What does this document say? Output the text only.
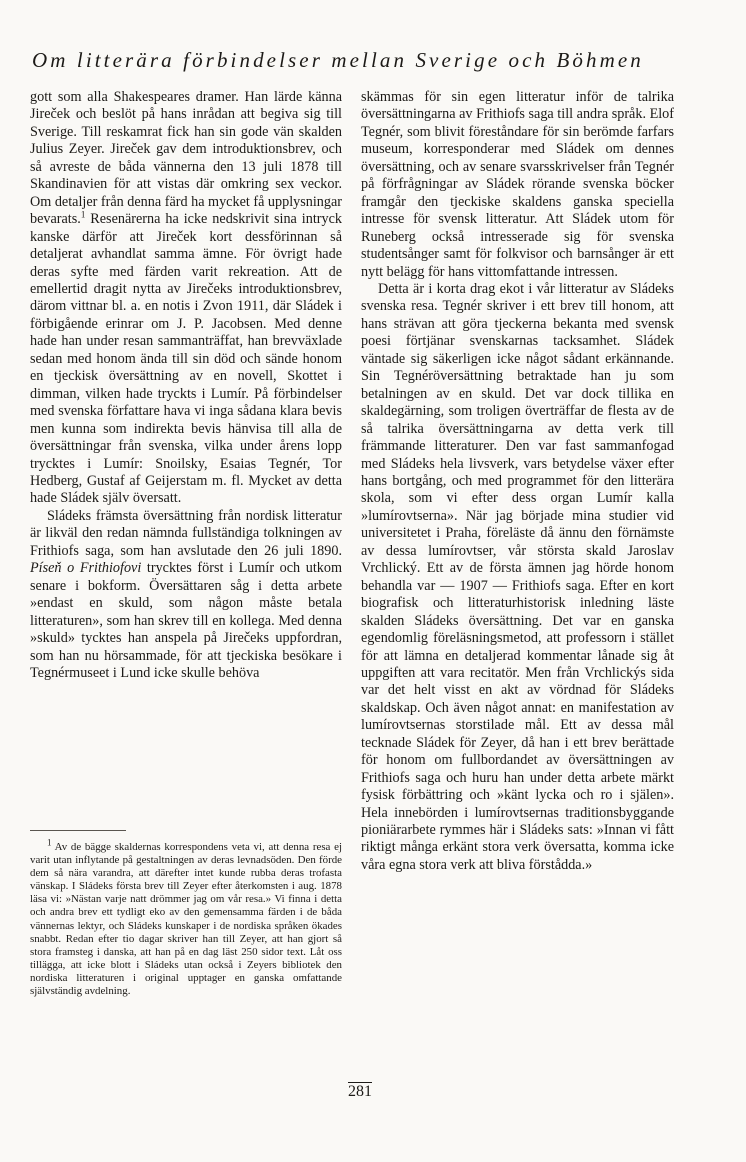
Om litterära förbindelser mellan Sverige och Böhmen

gott som alla Shakespeares dramer. Han lärde känna Jireček och beslöt på hans inrådan att begiva sig till Sverige. Till reskamrat fick han sin gode vän skalden Julius Zeyer. Jireček gav dem introduktionsbrev, och så avreste de båda vännerna den 13 juli 1878 till Skandinavien för att vistas där omkring sex veckor. Om detaljer från denna färd ha mycket få upplysningar bevarats.$^1$ Resenärerna ha icke nedskrivit sina intryck kanske därför att Jireček kort dessförinnan så detaljerat avhandlat samma ämne. För övrigt hade deras syfte med färden varit rekreation. Att de emellertid dragit nytta av Jirečeks introduktionsbrev, därom vittnar bl. a. en notis i Zvon 1911, där Sládek i förbigående erinrar om J. P. Jacobsen. Med denne hade han under resan sammanträffat, han brevväxlade sedan med honom ända till sin död och sände honom en tjeckisk översättning av en novell, Skottet i dimman, vilken hade tryckts i Lumír. På förbindelser med svenska författare hava vi inga sådana klara bevis men kunna som indirekta bevis hänvisa till alla de översättningar från svenska, vilka under årens lopp trycktes i Lumír: Snoilsky, Esaias Tegnér, Tor Hedberg, Gustaf af Geijerstam m. fl. Mycket av detta hade Sládek själv översatt.

Sládeks främsta översättning från nordisk litteratur är likväl den redan nämnda fullständiga tolkningen av Frithiofs saga, som han avslutade den 26 juli 1890. Píseň o Frithiofovi trycktes först i Lumír och utkom senare i bokform. Översättaren såg i detta arbete »endast en skuld, som någon måste betala litteraturen», som han skrev till en kollega. Med denna »skuld» tycktes han anspela på Jirečeks uppfordran, som han nu hörsammade, för att tjeckiska besökare i Tegnérmuseet i Lund icke skulle behöva

$^1$ Av de bägge skaldernas korrespondens veta vi, att denna resa ej varit utan inflytande på gestaltningen av deras levnadsöden. Den förde dem så nära varandra, att därefter intet kunde rubba deras trofasta vänskap. I Sládeks första brev till Zeyer efter återkomsten i aug. 1878 läsa vi: »Nästan varje natt drömmer jag om vår resa.» Vi finna i detta och andra brev ett tydligt eko av den gemensamma färden i de båda vännernas lektyr, och Sládeks kunskaper i de nordiska språken ökades snabbt. Redan efter tio dagar skriver han till Zeyer, att han gjort så stora framsteg i danska, att han på en dag läst 250 sidor text. Låt oss tillägga, att icke blott i Sládeks utan också i Zeyers bibliotek den nordiska litteraturen i original upptager en ganska omfattande självständig avdelning.

skämmas för sin egen litteratur inför de talrika översättningarna av Frithiofs saga till andra språk. Elof Tegnér, som blivit föreståndare för sin berömde farfars museum, korresponderar med Sládek om dennes översättning, och av senare svarsskrivelser från Tegnér på förfrågningar av Sládek rörande svenska böcker framgår den tjeckiske skaldens ganska speciella intresse för svensk litteratur. Att Sládek utom för Runeberg också intresserade sig för svenska studentsånger samt för folkvisor och barnsånger är ett nytt belägg för hans vittomfattande intressen.

Detta är i korta drag ekot i vår litteratur av Sládeks svenska resa. Tegnér skriver i ett brev till honom, att hans strävan att göra tjeckerna bekanta med svensk poesi förtjänar svenskarnas tacksamhet. Sládek väntade sig säkerligen icke något sådant erkännande. Sin Tegnéröversättning betraktade han ju som betalningen av en skuld. Det var dock tillika en skaldegärning, som troligen överträffar de flesta av de så talrika översättningarna av detta verk till främmande litteraturer. Den var fast sammanfogad med Sládeks hela livsverk, vars betydelse växer efter hans bortgång, och med programmet för den litterära skola, som vi efter dess organ Lumír kalla »lumírovtserna». När jag började mina studier vid universitetet i Praha, föreläste då ännu den förnämste av dessa lumírovtser, vår största skald Jaroslav Vrchlický. Ett av de första ämnen jag hörde honom behandla var — 1907 — Frithiofs saga. Efter en kort biografisk och litteraturhistorisk inledning läste skalden Sládeks översättning. Det var en ganska egendomlig föreläsningsmetod, att professorn i stället för att lämna en detaljerad kommentar lånade sig åt uppgiften att vara recitatör. Men från Vrchlickýs sida var det helt visst en akt av vördnad för Sládeks skaldskap. Och även något annat: en manifestation av lumírovtsernas storstilade mål. Ett av dessa mål tecknade Sládek för Zeyer, då han i ett brev berättade för honom om fullbordandet av översättningen av Frithiofs saga och huru han under detta arbete märkt fysisk förbättring och »känt lycka och ro i själen». Hela innebörden i lumírovtsernas traditionsbyggande pioniärarbete rymmes här i Sládeks sats: »Innan vi fått riktigt många erkänt stora verk översatta, komma icke våra egna stora verk att bliva förstådda.»

281
